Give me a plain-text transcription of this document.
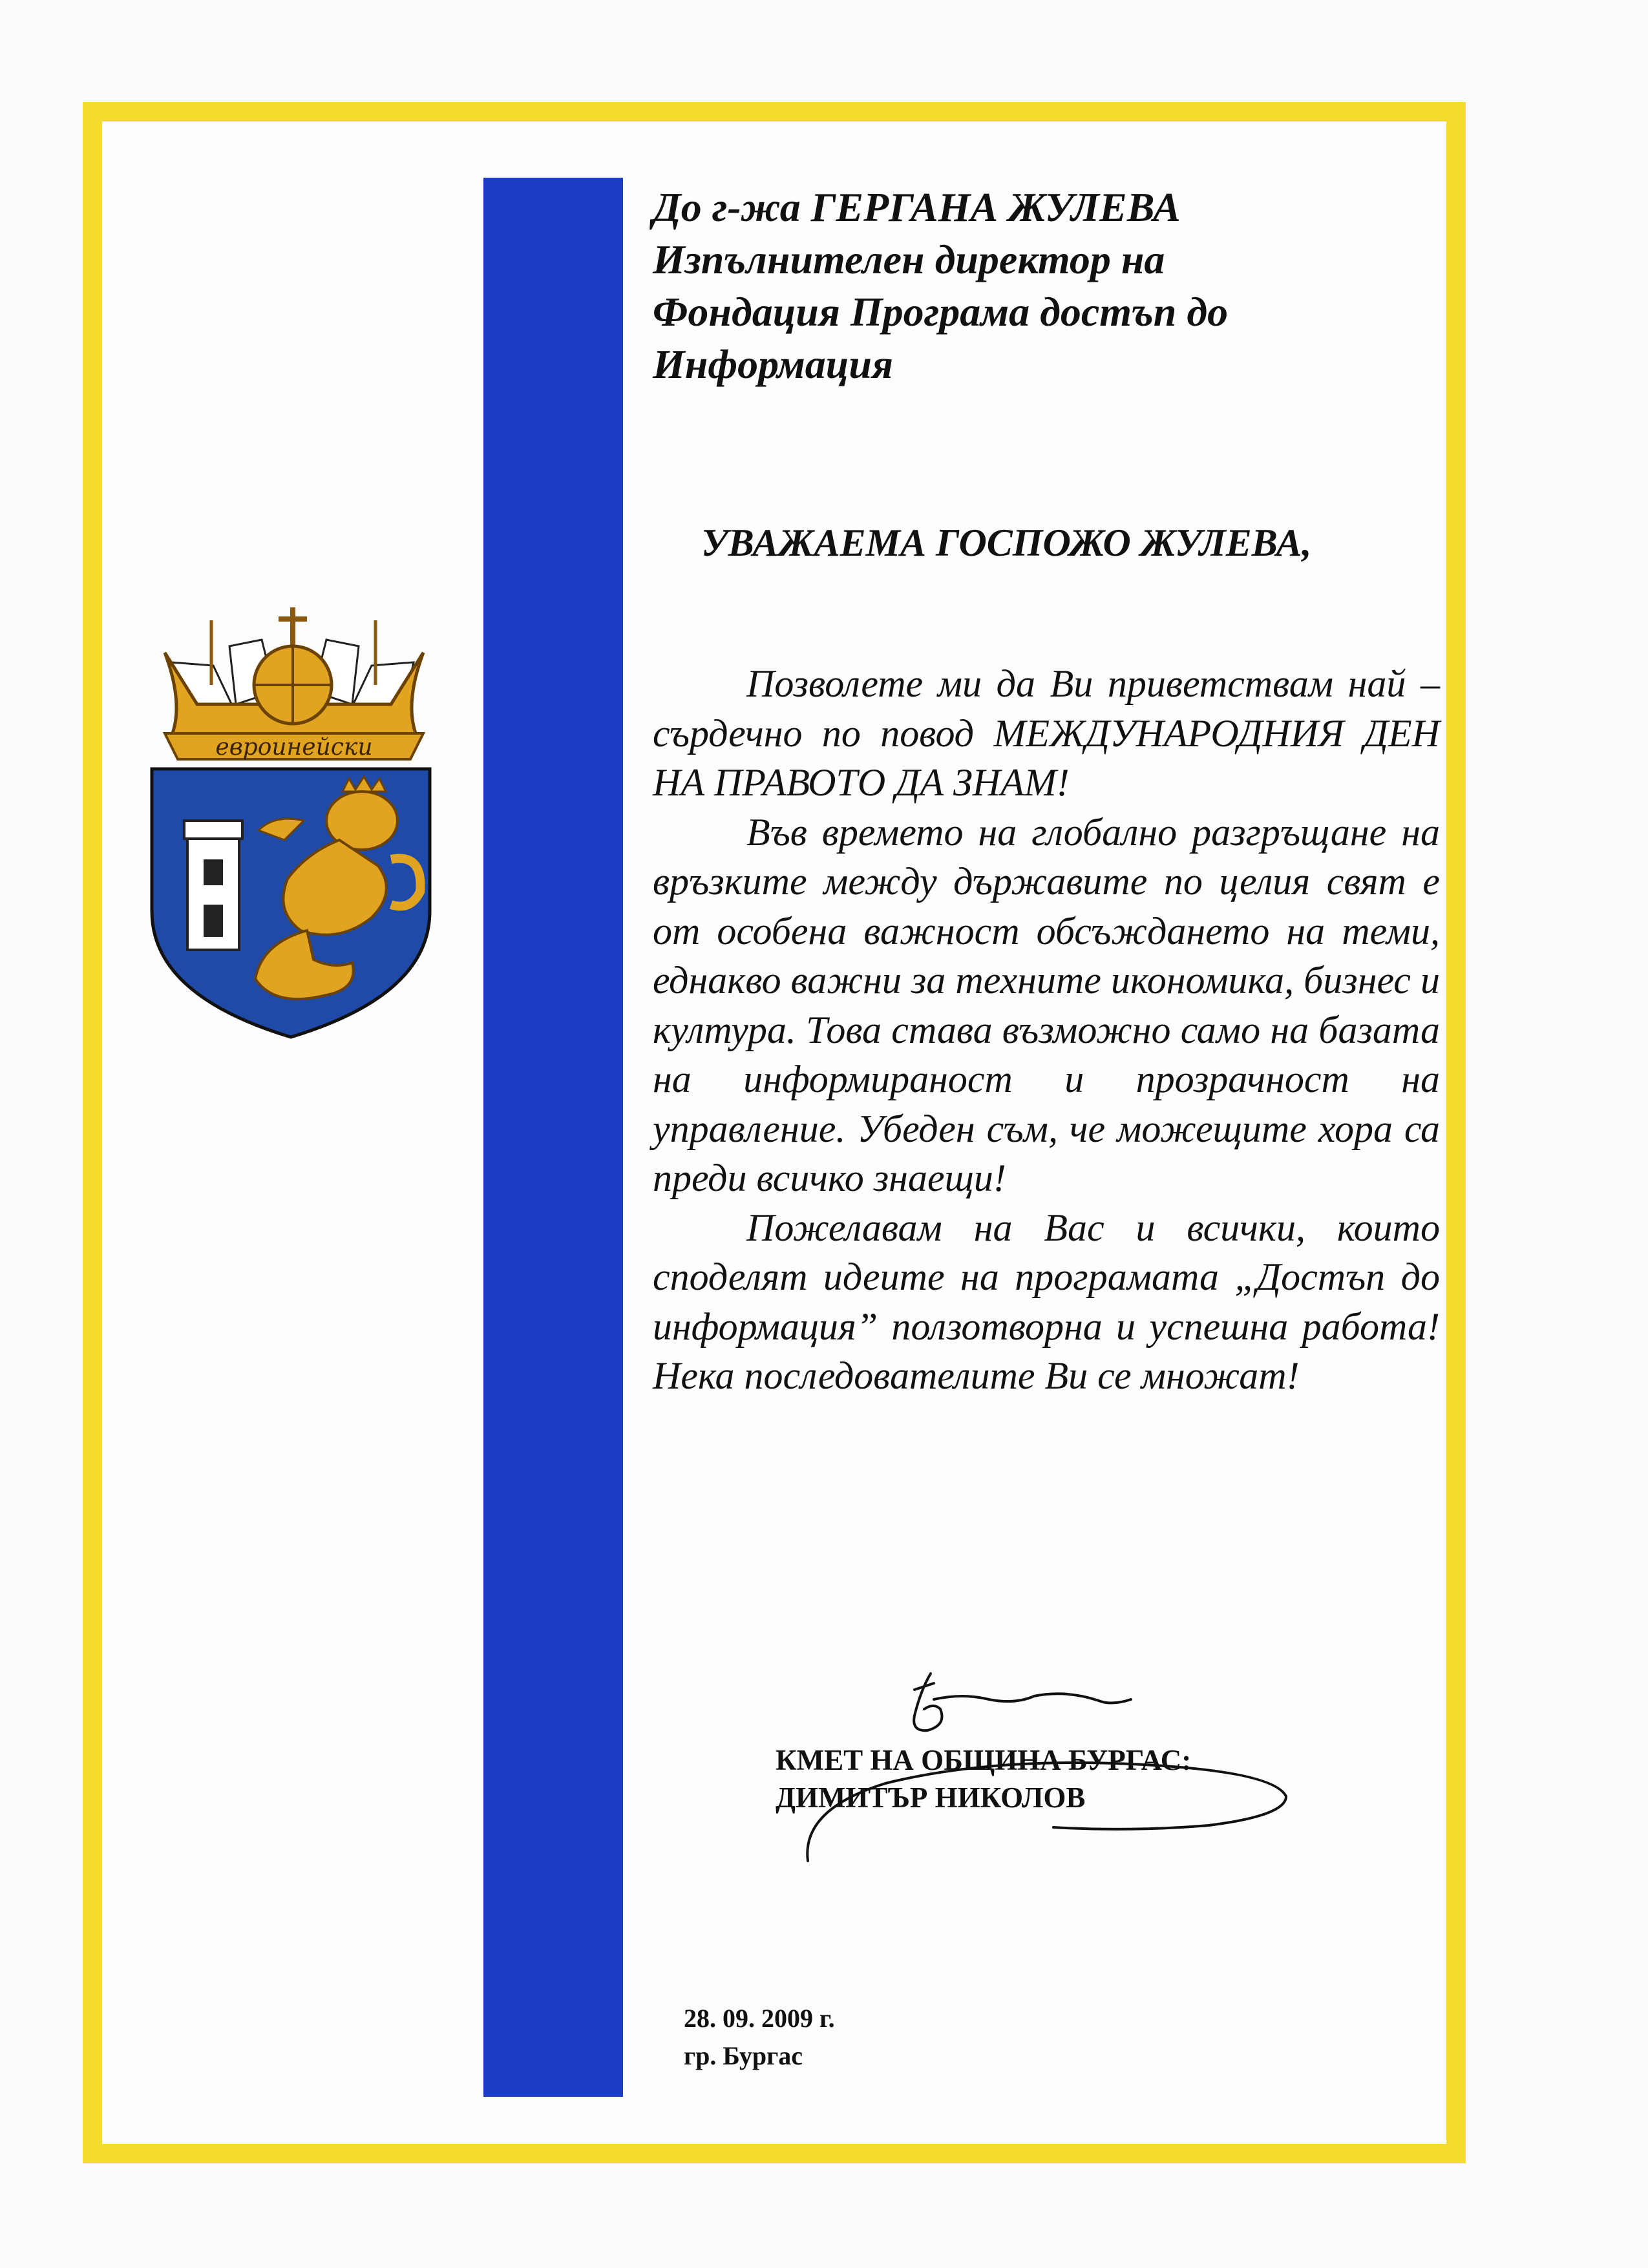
евроинейски
До г-жа ГЕРГАНА ЖУЛЕВА
Изпълнителен директор на
Фондация Програма достъп до
Информация
УВАЖАЕМА ГОСПОЖО ЖУЛЕВА,

Позволете ми да Ви приветствам най – сърдечно по повод МЕЖДУНАРОДНИЯ ДЕН НА ПРАВОТО ДА ЗНАМ!

Във времето на глобално разгръщане на връзките между държавите по целия свят е от особена важност обсъждането на теми, еднакво важни за техните икономика, бизнес и култура. Това става възможно само на базата на информираност и прозрачност на управление. Убеден съм, че можещите хора са преди всичко знаещи!

Пожелавам на Вас и всички, които споделят идеите на програмата „Достъп до информация” ползотворна и успешна работа! Нека последователите Ви се множат!

КМЕТ НА ОБЩИНА БУРГАС:
ДИМИТЪР НИКОЛОВ
28. 09. 2009 г.
гр. Бургас
